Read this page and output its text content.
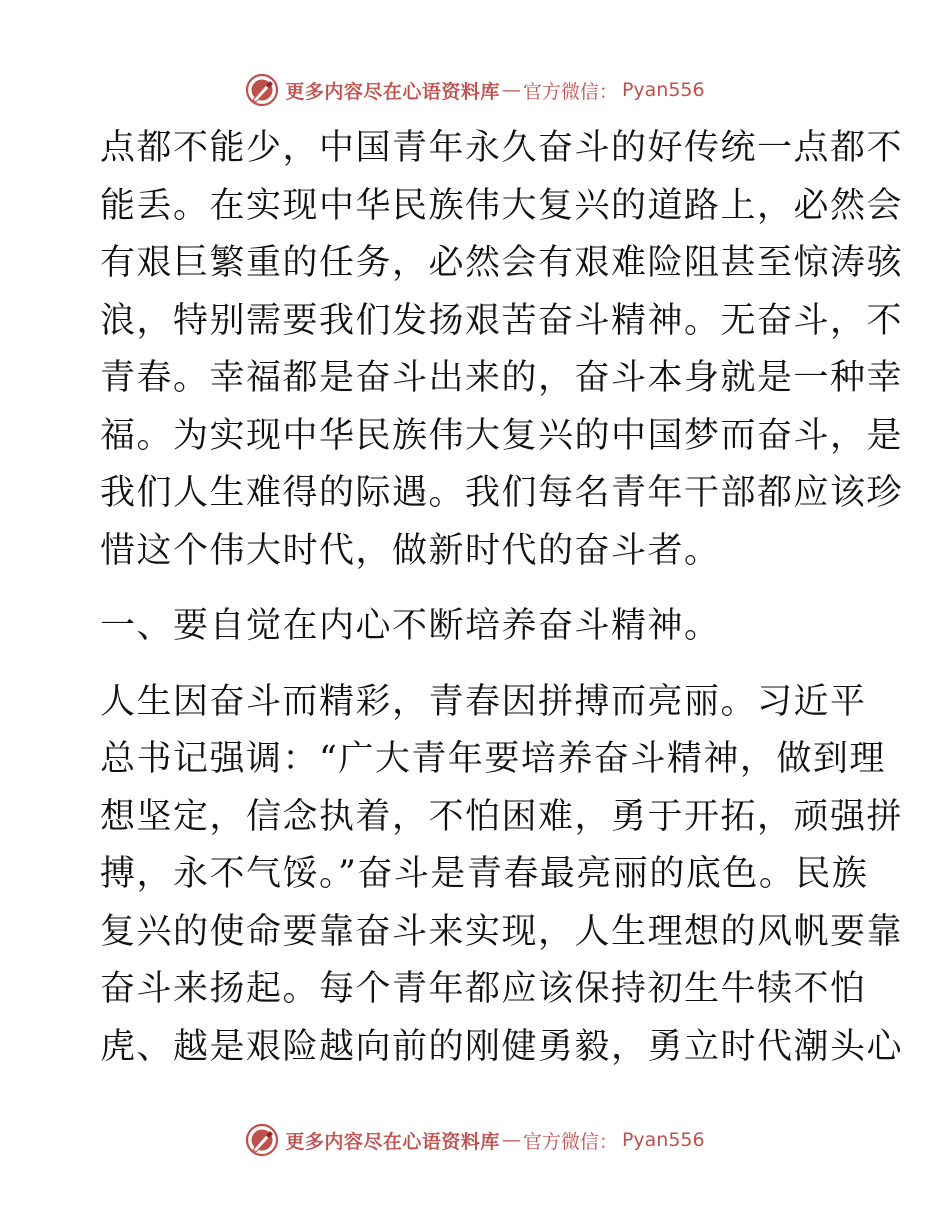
更多内容尽在心语资料库 — 官方微信： Pyan556

点都不能少，中国青年永久奋斗的好传统一点都不
能丢。在实现中华民族伟大复兴的道路上，必然会
有艰巨繁重的任务，必然会有艰难险阻甚至惊涛骇
浪，特别需要我们发扬艰苦奋斗精神。无奋斗，不
青春。幸福都是奋斗出来的，奋斗本身就是一种幸
福。为实现中华民族伟大复兴的中国梦而奋斗，是
我们人生难得的际遇。我们每名青年干部都应该珍
惜这个伟大时代，做新时代的奋斗者。

一、要自觉在内心不断培养奋斗精神。

人生因奋斗而精彩，青春因拼搏而亮丽。习近平
总书记强调：“广大青年要培养奋斗精神，做到理
想坚定，信念执着，不怕困难，勇于开拓，顽强拼
搏，永不气馁。”奋斗是青春最亮丽的底色。民族
复兴的使命要靠奋斗来实现，人生理想的风帆要靠
奋斗来扬起。每个青年都应该保持初生牛犊不怕
虎、越是艰险越向前的刚健勇毅，勇立时代潮头心

更多内容尽在心语资料库 — 官方微信： Pyan556
